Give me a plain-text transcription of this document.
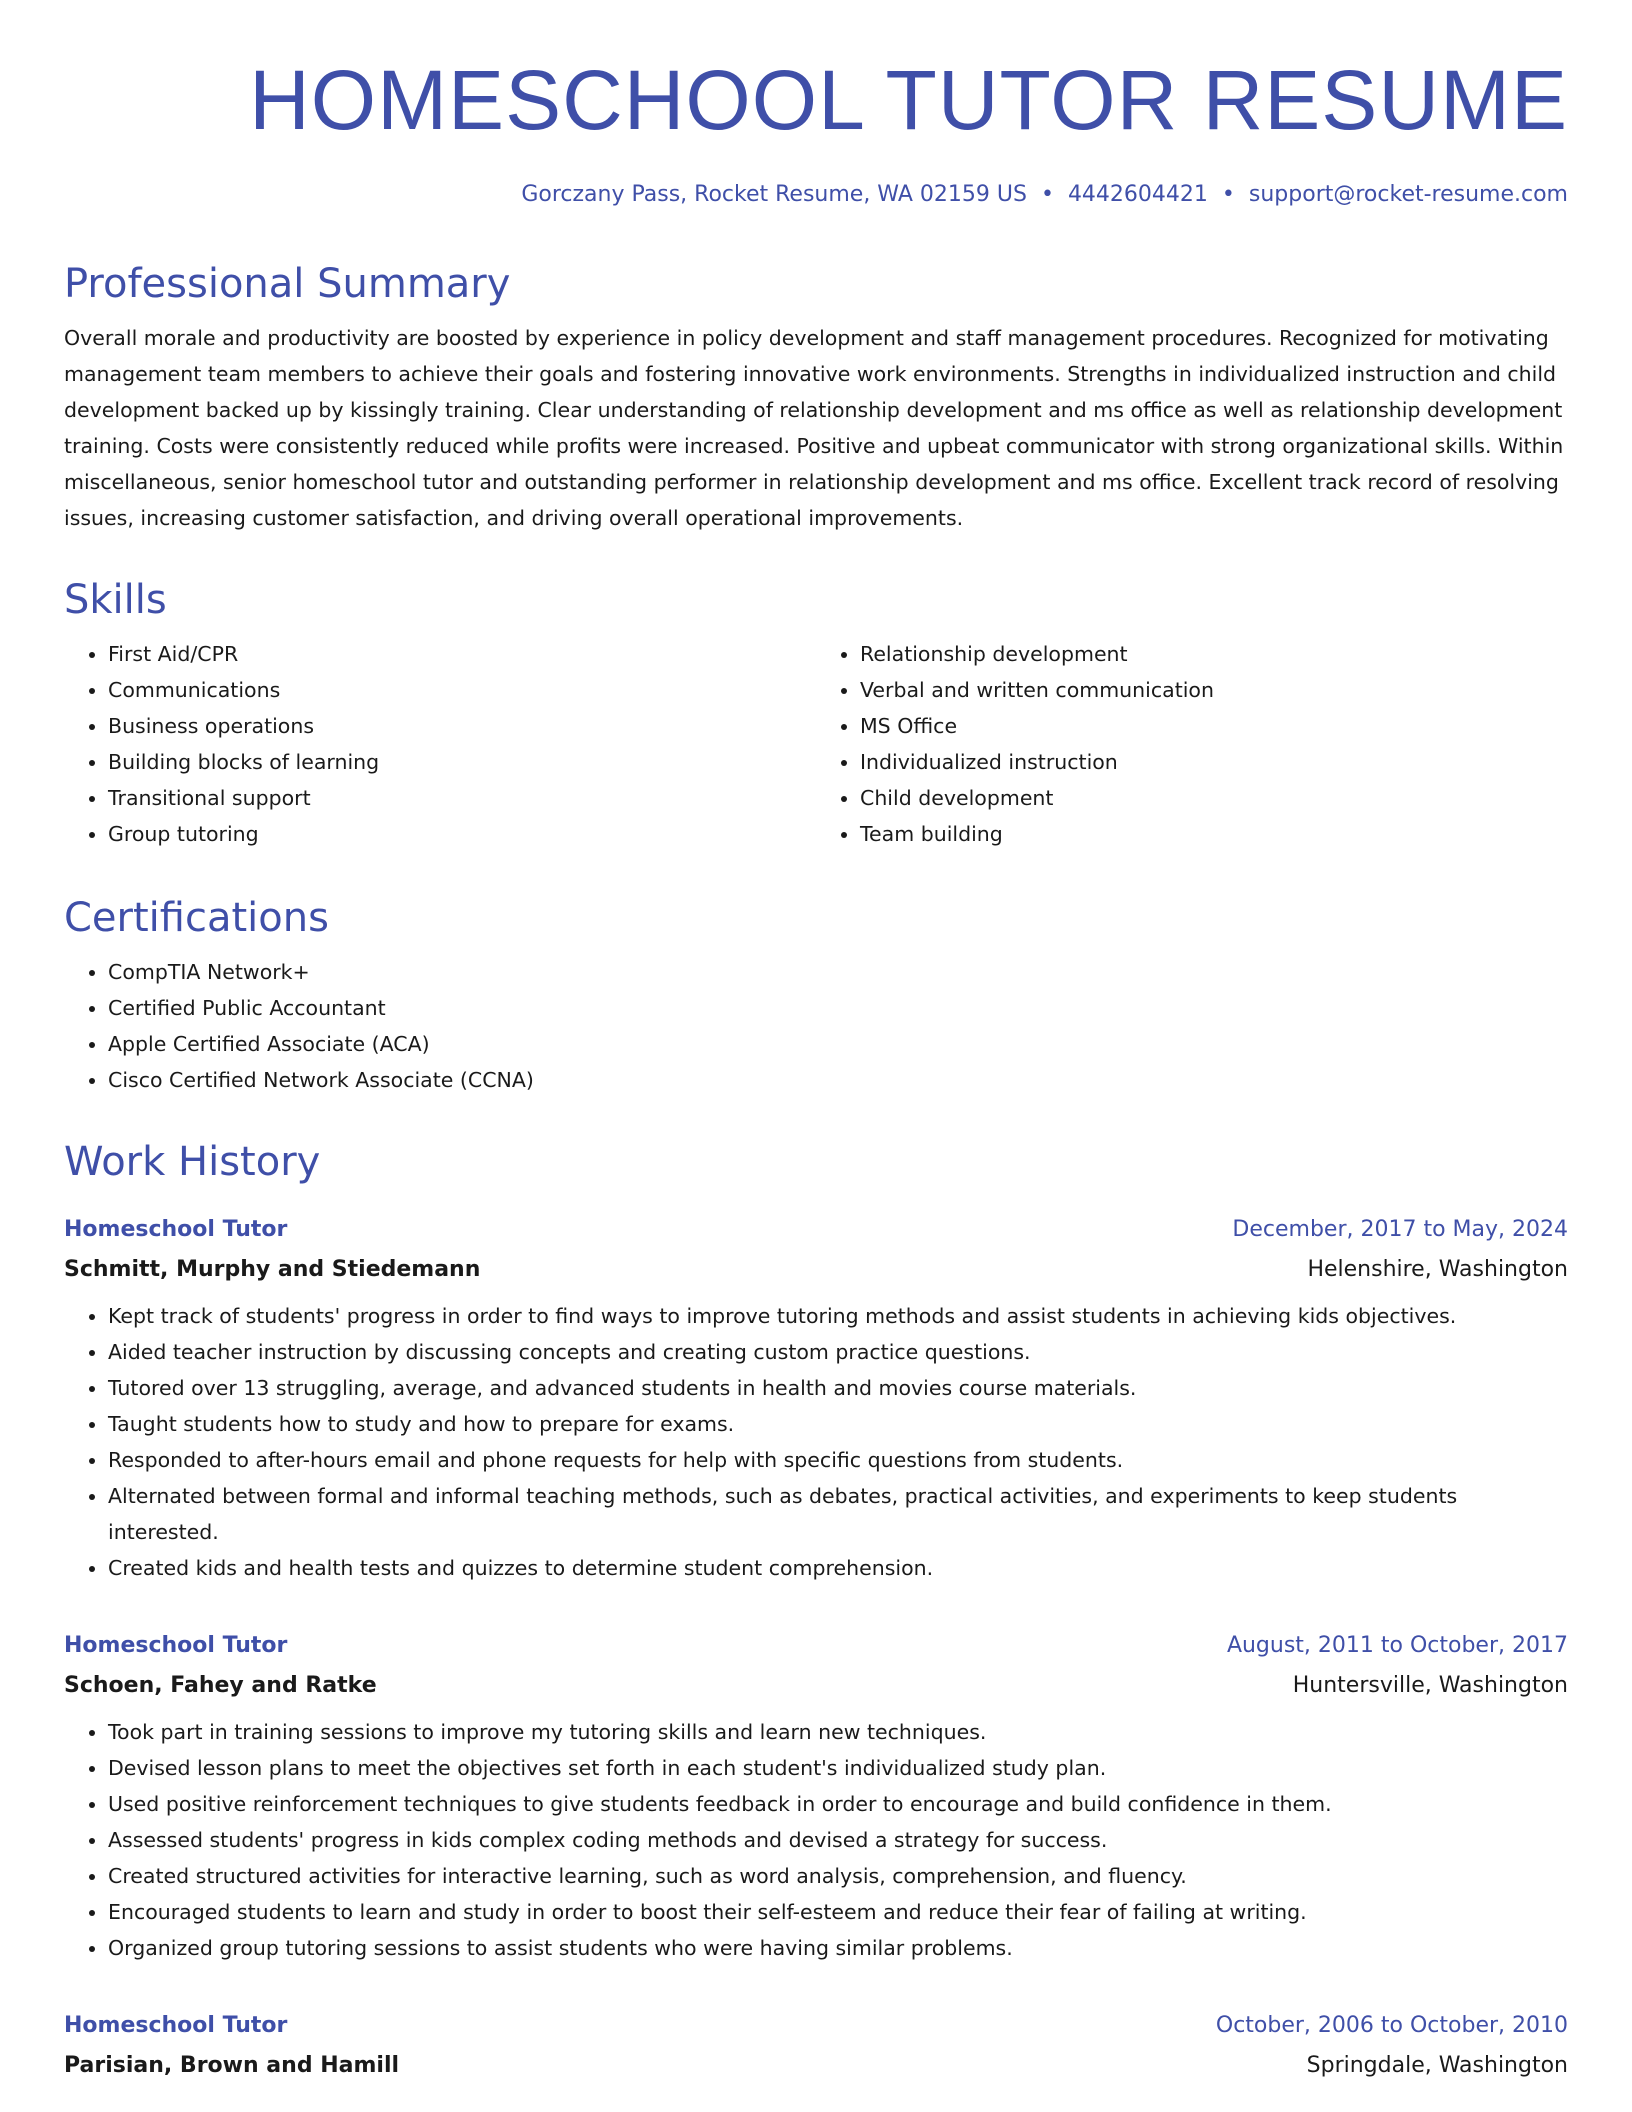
HOMESCHOOL TUTOR RESUME
Gorczany Pass, Rocket Resume, WA 02159 US • 4442604421 • support@rocket-resume.com
Professional Summary

Overall morale and productivity are boosted by experience in policy development and staff management procedures. Recognized for motivating management team members to achieve their goals and fostering innovative work environments. Strengths in individualized instruction and child development backed up by kissingly training. Clear understanding of relationship development and ms office as well as relationship development training. Costs were consistently reduced while profits were increased. Positive and upbeat communicator with strong organizational skills. Within miscellaneous, senior homeschool tutor and outstanding performer in relationship development and ms office. Excellent track record of resolving issues, increasing customer satisfaction, and driving overall operational improvements.

Skills
• First Aid/CPR
• Communications
• Business operations
• Building blocks of learning
• Transitional support
• Group tutoring
• Relationship development
• Verbal and written communication
• MS Office
• Individualized instruction
• Child development
• Team building
Certifications
• CompTIA Network+
• Certified Public Accountant
• Apple Certified Associate (ACA)
• Cisco Certified Network Associate (CCNA)
Work History
Homeschool Tutor	December, 2017 to May, 2024
Schmitt, Murphy and Stiedemann	Helenshire, Washington
• Kept track of students' progress in order to find ways to improve tutoring methods and assist students in achieving kids objectives.
• Aided teacher instruction by discussing concepts and creating custom practice questions.
• Tutored over 13 struggling, average, and advanced students in health and movies course materials.
• Taught students how to study and how to prepare for exams.
• Responded to after-hours email and phone requests for help with specific questions from students.
• Alternated between formal and informal teaching methods, such as debates, practical activities, and experiments to keep students interested.
• Created kids and health tests and quizzes to determine student comprehension.
Homeschool Tutor	August, 2011 to October, 2017
Schoen, Fahey and Ratke	Huntersville, Washington
• Took part in training sessions to improve my tutoring skills and learn new techniques.
• Devised lesson plans to meet the objectives set forth in each student's individualized study plan.
• Used positive reinforcement techniques to give students feedback in order to encourage and build confidence in them.
• Assessed students' progress in kids complex coding methods and devised a strategy for success.
• Created structured activities for interactive learning, such as word analysis, comprehension, and fluency.
• Encouraged students to learn and study in order to boost their self-esteem and reduce their fear of failing at writing.
• Organized group tutoring sessions to assist students who were having similar problems.
Homeschool Tutor	October, 2006 to October, 2010
Parisian, Brown and Hamill	Springdale, Washington
